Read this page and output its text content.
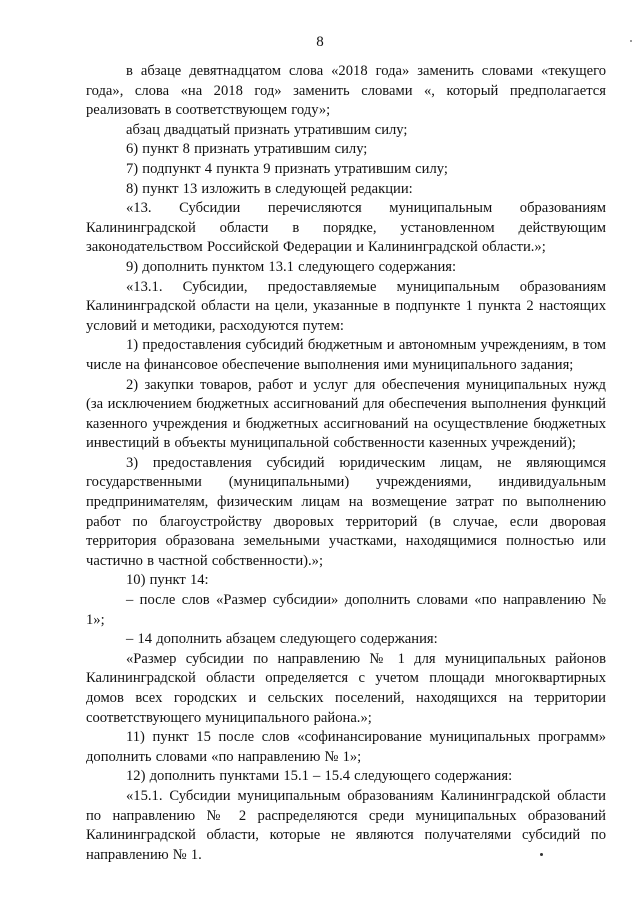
8

в абзаце девятнадцатом слова «2018 года» заменить словами «текущего года», слова «на 2018 год» заменить словами «, который предполагается реализовать в соответствующем году»;

абзац двадцатый признать утратившим силу;

6) пункт 8 признать утратившим силу;

7) подпункт 4 пункта 9 признать утратившим силу;

8) пункт 13 изложить в следующей редакции:

«13. Субсидии перечисляются муниципальным образованиям Калининградской области в порядке, установленном действующим законодательством Российской Федерации и Калининградской области.»;

9) дополнить пунктом 13.1 следующего содержания:

«13.1. Субсидии, предоставляемые муниципальным образованиям Калининградской области на цели, указанные в подпункте 1 пункта 2 настоящих условий и методики, расходуются путем:

1) предоставления субсидий бюджетным и автономным учреждениям, в том числе на финансовое обеспечение выполнения ими муниципального задания;

2) закупки товаров, работ и услуг для обеспечения муниципальных нужд (за исключением бюджетных ассигнований для обеспечения выполнения функций казенного учреждения и бюджетных ассигнований на осуществление бюджетных инвестиций в объекты муниципальной собственности казенных учреждений);

3) предоставления субсидий юридическим лицам, не являющимся государственными (муниципальными) учреждениями, индивидуальным предпринимателям, физическим лицам на возмещение затрат по выполнению работ по благоустройству дворовых территорий (в случае, если дворовая территория образована земельными участками, находящимися полностью или частично в частной собственности).»;

10) пункт 14:

– после слов «Размер субсидии» дополнить словами «по направлению № 1»;

– 14 дополнить абзацем следующего содержания:

«Размер субсидии по направлению № 1 для муниципальных районов Калининградской области определяется с учетом площади многоквартирных домов всех городских и сельских поселений, находящихся на территории соответствующего муниципального района.»;

11) пункт 15 после слов «софинансирование муниципальных программ» дополнить словами «по направлению № 1»;

12) дополнить пунктами 15.1 – 15.4 следующего содержания:

«15.1. Субсидии муниципальным образованиям Калининградской области по направлению № 2 распределяются среди муниципальных образований Калининградской области, которые не являются получателями субсидий по направлению № 1.
